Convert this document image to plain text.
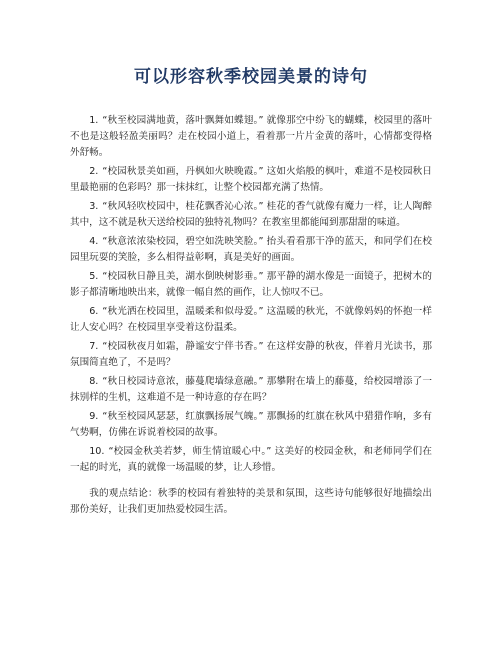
可以形容秋季校园美景的诗句
1. “秋至校园满地黄，落叶飘舞如蝶翅。” 就像那空中纷飞的蝴蝶，校园里的落叶不也是这般轻盈美丽吗？走在校园小道上，看着那一片片金黄的落叶，心情都变得格外舒畅。
2. “校园秋景美如画，丹枫如火映晚霞。” 这如火焰般的枫叶，难道不是校园秋日里最艳丽的色彩吗？那一抹抹红，让整个校园都充满了热情。
3. “秋风轻吹校园中，桂花飘香沁心浓。” 桂花的香气就像有魔力一样，让人陶醉其中，这不就是秋天送给校园的独特礼物吗？在教室里都能闻到那甜甜的味道。
4. “秋意浓浓染校园，碧空如洗映笑脸。” 抬头看看那干净的蓝天，和同学们在校园里玩耍的笑脸，多么相得益彰啊，真是美好的画面。
5. “校园秋日静且美，湖水倒映树影垂。” 那平静的湖水像是一面镜子，把树木的影子都清晰地映出来，就像一幅自然的画作，让人惊叹不已。
6. “秋光洒在校园里，温暖柔和似母爱。” 这温暖的秋光，不就像妈妈的怀抱一样让人安心吗？在校园里享受着这份温柔。
7. “校园秋夜月如霜，静谧安宁伴书香。” 在这样安静的秋夜，伴着月光读书，那氛围简直绝了，不是吗？
8. “秋日校园诗意浓，藤蔓爬墙绿意融。” 那攀附在墙上的藤蔓，给校园增添了一抹别样的生机，这难道不是一种诗意的存在吗？
9. “秋至校园风瑟瑟，红旗飘扬展气魄。” 那飘扬的红旗在秋风中猎猎作响，多有气势啊，仿佛在诉说着校园的故事。
10. “校园金秋美若梦，师生情谊暖心中。” 这美好的校园金秋，和老师同学们在一起的时光，真的就像一场温暖的梦，让人珍惜。

我的观点结论：秋季的校园有着独特的美景和氛围，这些诗句能够很好地描绘出那份美好，让我们更加热爱校园生活。
